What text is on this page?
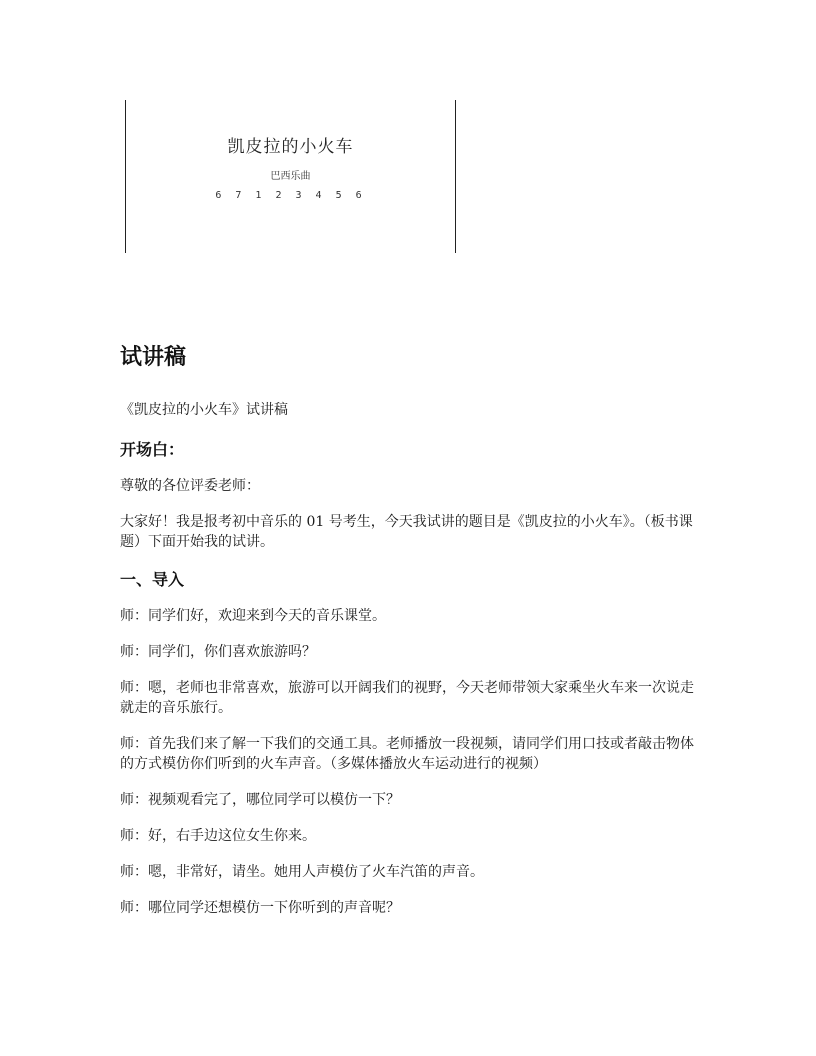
凯皮拉的小火车
巴西乐曲
6 7 1 2 3 4 5 6
试讲稿
《凯皮拉的小火车》试讲稿
开场白：
尊敬的各位评委老师：
大家好！我是报考初中音乐的 01 号考生，今天我试讲的题目是《凯皮拉的小火车》。（板书课题）下面开始我的试讲。
一、导入
师：同学们好，欢迎来到今天的音乐课堂。
师：同学们，你们喜欢旅游吗？
师：嗯，老师也非常喜欢，旅游可以开阔我们的视野，今天老师带领大家乘坐火车来一次说走就走的音乐旅行。
师：首先我们来了解一下我们的交通工具。老师播放一段视频，请同学们用口技或者敲击物体的方式模仿你们听到的火车声音。（多媒体播放火车运动进行的视频）
师：视频观看完了，哪位同学可以模仿一下？
师：好，右手边这位女生你来。
师：嗯，非常好，请坐。她用人声模仿了火车汽笛的声音。
师：哪位同学还想模仿一下你听到的声音呢？
